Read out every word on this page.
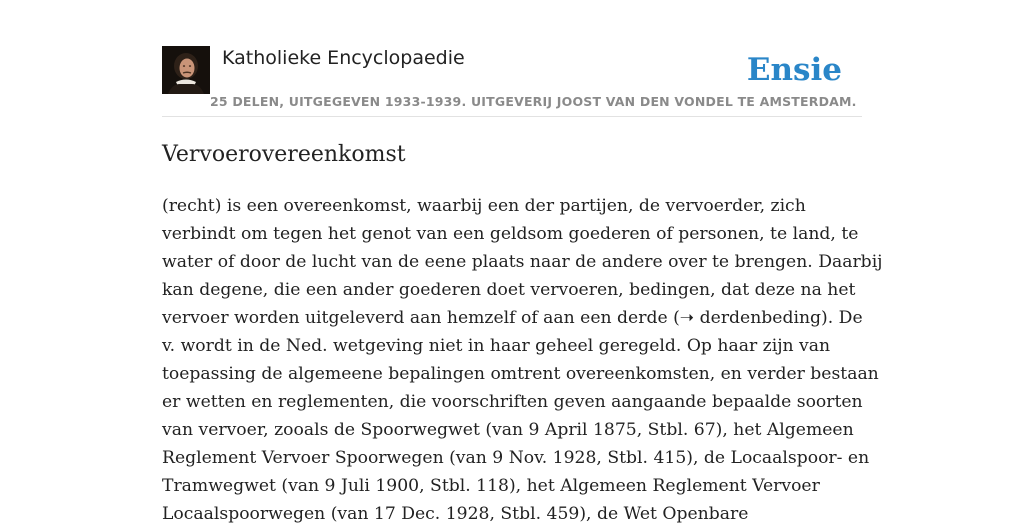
Katholieke Encyclopaedie
25 DELEN, UITGEGEVEN 1933-1939. UITGEVERIJ JOOST VAN DEN VONDEL TE AMSTERDAM.
Ensie
Vervoerovereenkomst
(recht) is een overeenkomst, waarbij een der partijen, de vervoerder, zich
verbindt om tegen het genot van een geldsom goederen of personen, te land, te
water of door de lucht van de eene plaats naar de andere over te brengen. Daarbij
kan degene, die een ander goederen doet vervoeren, bedingen, dat deze na het
vervoer worden uitgeleverd aan hemzelf of aan een derde (➝ derdenbeding). De
v. wordt in de Ned. wetgeving niet in haar geheel geregeld. Op haar zijn van
toepassing de algemeene bepalingen omtrent overeenkomsten, en verder bestaan
er wetten en reglementen, die voorschriften geven aangaande bepaalde soorten
van vervoer, zooals de Spoorwegwet (van 9 April 1875, Stbl. 67), het Algemeen
Reglement Vervoer Spoorwegen (van 9 Nov. 1928, Stbl. 415), de Locaalspoor- en
Tramwegwet (van 9 Juli 1900, Stbl. 118), het Algemeen Reglement Vervoer
Locaalspoorwegen (van 17 Dec. 1928, Stbl. 459), de Wet Openbare
